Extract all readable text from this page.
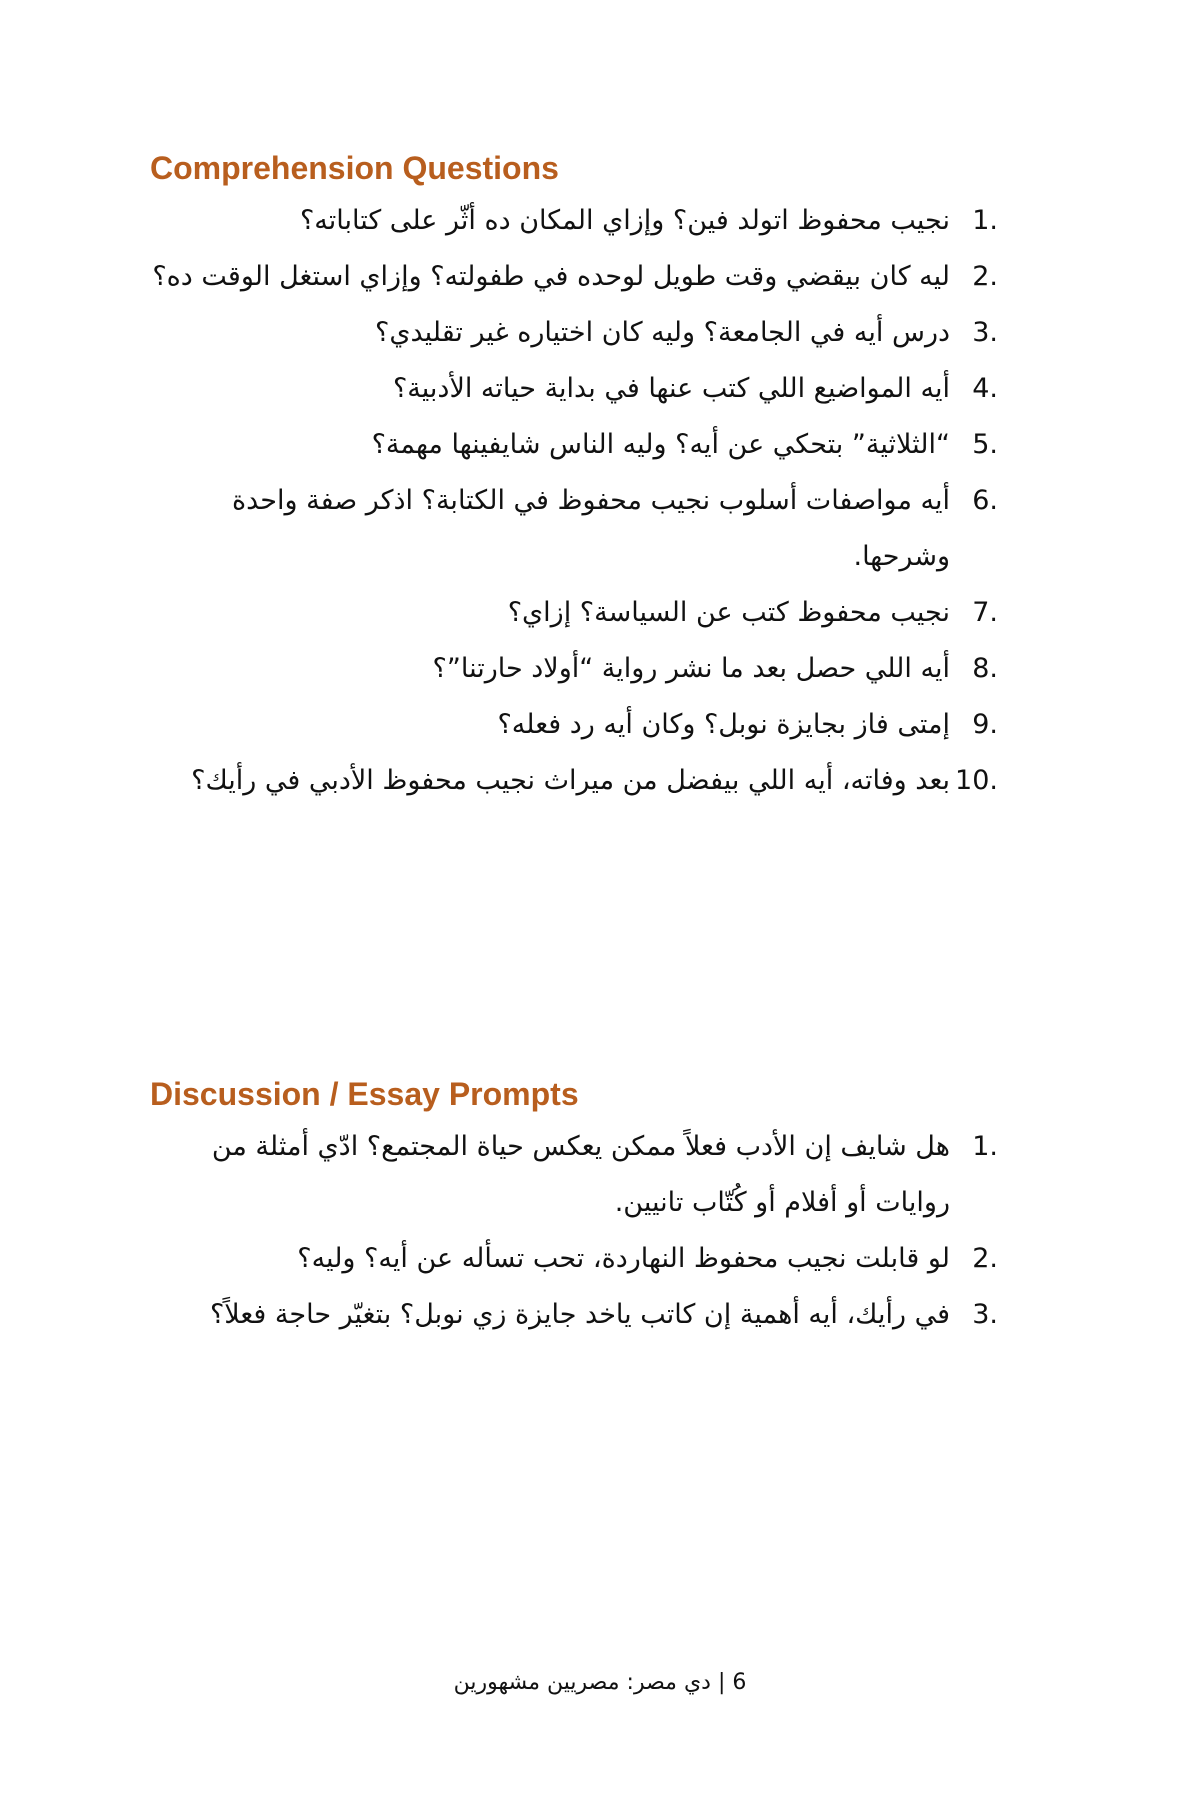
Comprehension Questions
1.
نجيب محفوظ اتولد فين؟ وإزاي المكان ده أثّر على كتاباته؟
2.
ليه كان بيقضي وقت طويل لوحده في طفولته؟ وإزاي استغل الوقت ده؟
3.
درس أيه في الجامعة؟ وليه كان اختياره غير تقليدي؟
4.
أيه المواضيع اللي كتب عنها في بداية حياته الأدبية؟
5.
“الثلاثية” بتحكي عن أيه؟ وليه الناس شايفينها مهمة؟
6.
أيه مواصفات أسلوب نجيب محفوظ في الكتابة؟ اذكر صفة واحدة وشرحها.
7.
نجيب محفوظ كتب عن السياسة؟ إزاي؟
8.
أيه اللي حصل بعد ما نشر رواية “أولاد حارتنا”؟
9.
إمتى فاز بجايزة نوبل؟ وكان أيه رد فعله؟
10.
بعد وفاته، أيه اللي بيفضل من ميراث نجيب محفوظ الأدبي في رأيك؟
Discussion / Essay Prompts
1.
هل شايف إن الأدب فعلاً ممكن يعكس حياة المجتمع؟ ادّي أمثلة من روايات أو أفلام أو كُتّاب تانيين.
2.
لو قابلت نجيب محفوظ النهاردة، تحب تسأله عن أيه؟ وليه؟
3.
في رأيك، أيه أهمية إن كاتب ياخد جايزة زي نوبل؟ بتغيّر حاجة فعلاً؟
6 | دي مصر: مصريين مشهورين
